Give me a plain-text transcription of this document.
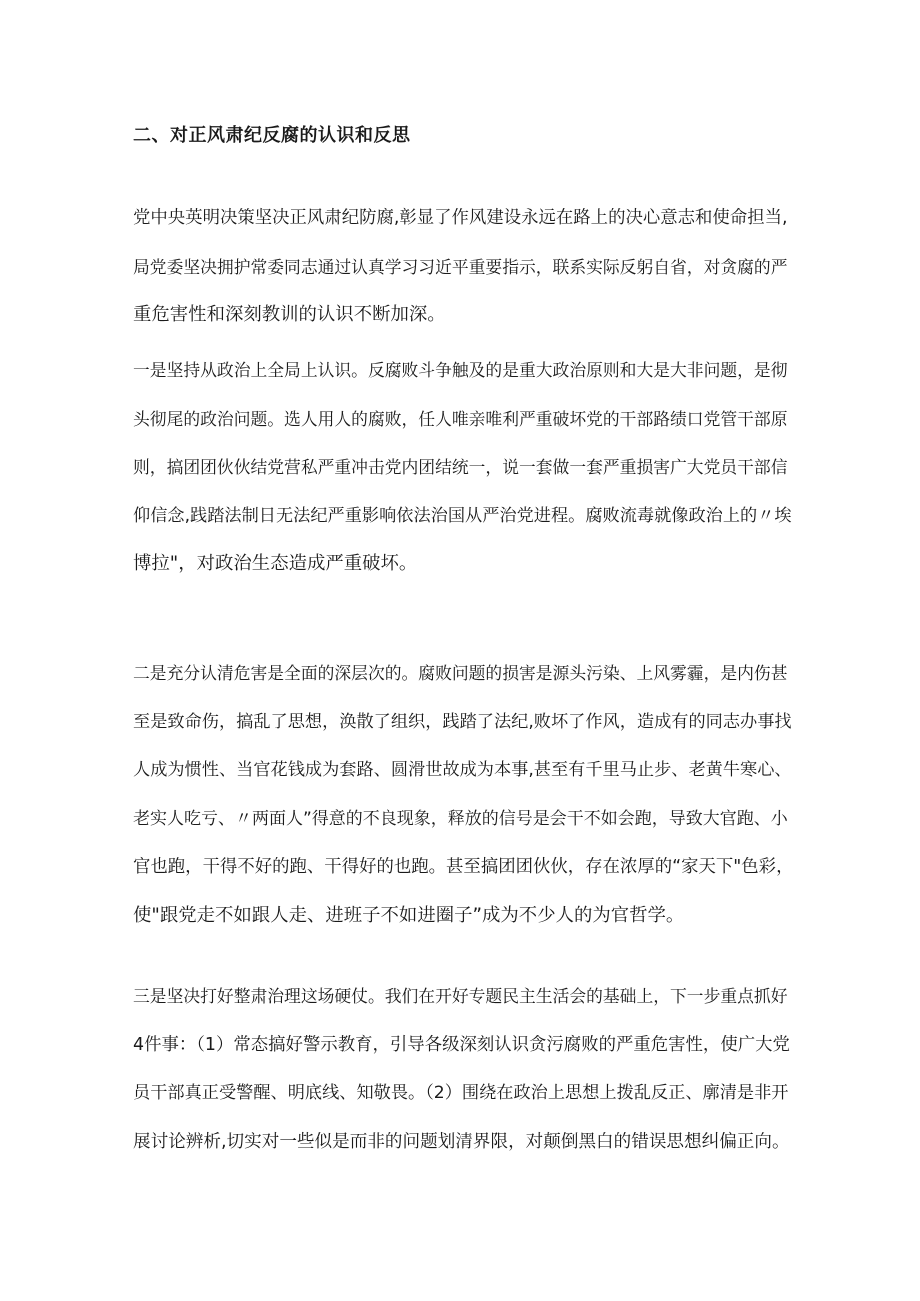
二、对正风肃纪反腐的认识和反思
党中央英明决策坚决正风肃纪防腐,彰显了作风建设永远在路上的决心意志和使命担当,
局党委坚决拥护常委同志通过认真学习习近平重要指示，联系实际反躬自省，对贪腐的严
重危害性和深刻教训的认识不断加深。
一是坚持从政治上全局上认识。反腐败斗争触及的是重大政治原则和大是大非问题，是彻
头彻尾的政治问题。选人用人的腐败，任人唯亲唯利严重破坏党的干部路绩口党管干部原
则，搞团团伙伙结党营私严重冲击党内团结统一，说一套做一套严重损害广大党员干部信
仰信念,践踏法制日无法纪严重影响依法治国从严治党进程。腐败流毒就像政治上的〃埃
博拉"，对政治生态造成严重破坏。
二是充分认清危害是全面的深层次的。腐败问题的损害是源头污染、上风雾霾，是内伤甚
至是致命伤，搞乱了思想，涣散了组织，践踏了法纪,败坏了作风，造成有的同志办事找
人成为惯性、当官花钱成为套路、圆滑世故成为本事,甚至有千里马止步、老黄牛寒心、
老实人吃亏、〃两面人”得意的不良现象，释放的信号是会干不如会跑，导致大官跑、小
官也跑，干得不好的跑、干得好的也跑。甚至搞团团伙伙，存在浓厚的“家天下"色彩，
使"跟党走不如跟人走、进班子不如进圈子”成为不少人的为官哲学。
三是坚决打好整肃治理这场硬仗。我们在开好专题民主生活会的基础上，下一步重点抓好
4件事：（1）常态搞好警示教育，引导各级深刻认识贪污腐败的严重危害性，使广大党
员干部真正受警醒、明底线、知敬畏。（2）围绕在政治上思想上拨乱反正、廓清是非开
展讨论辨析,切实对一些似是而非的问题划清界限，对颠倒黑白的错误思想纠偏正向。
